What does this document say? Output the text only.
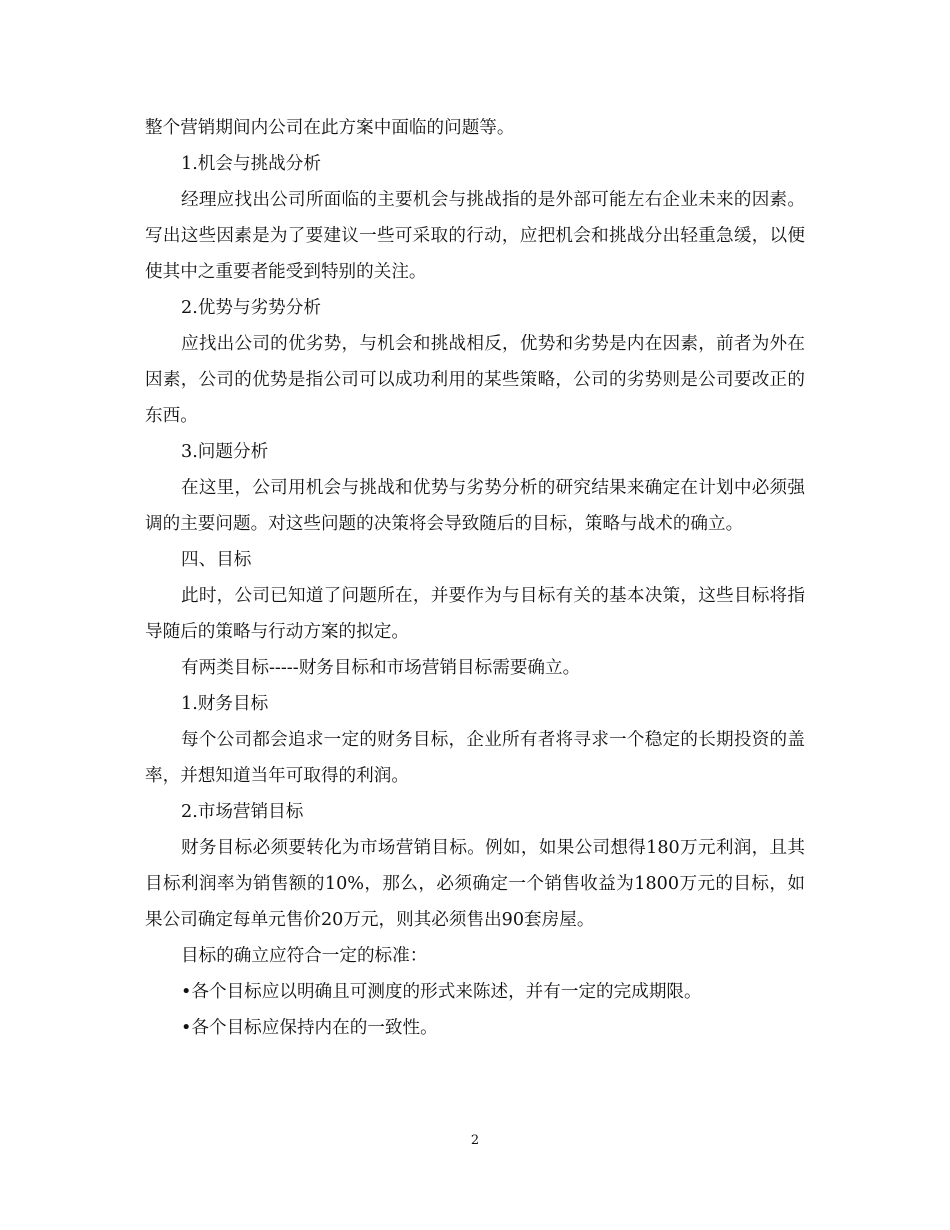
整个营销期间内公司在此方案中面临的问题等。

1.机会与挑战分析

经理应找出公司所面临的主要机会与挑战指的是外部可能左右企业未来的因素。写出这些因素是为了要建议一些可采取的行动，应把机会和挑战分出轻重急缓，以便使其中之重要者能受到特别的关注。

2.优势与劣势分析

应找出公司的优劣势，与机会和挑战相反，优势和劣势是内在因素，前者为外在因素，公司的优势是指公司可以成功利用的某些策略，公司的劣势则是公司要改正的东西。

3.问题分析

在这里，公司用机会与挑战和优势与劣势分析的研究结果来确定在计划中必须强调的主要问题。对这些问题的决策将会导致随后的目标，策略与战术的确立。

四、目标

此时，公司已知道了问题所在，并要作为与目标有关的基本决策，这些目标将指导随后的策略与行动方案的拟定。

有两类目标-----财务目标和市场营销目标需要确立。

1.财务目标

每个公司都会追求一定的财务目标，企业所有者将寻求一个稳定的长期投资的盖率，并想知道当年可取得的利润。

2.市场营销目标

财务目标必须要转化为市场营销目标。例如，如果公司想得180万元利润，且其目标利润率为销售额的10%，那么，必须确定一个销售收益为1800万元的目标，如果公司确定每单元售价20万元，则其必须售出90套房屋。

目标的确立应符合一定的标准：

•各个目标应以明确且可测度的形式来陈述，并有一定的完成期限。

•各个目标应保持内在的一致性。

2
